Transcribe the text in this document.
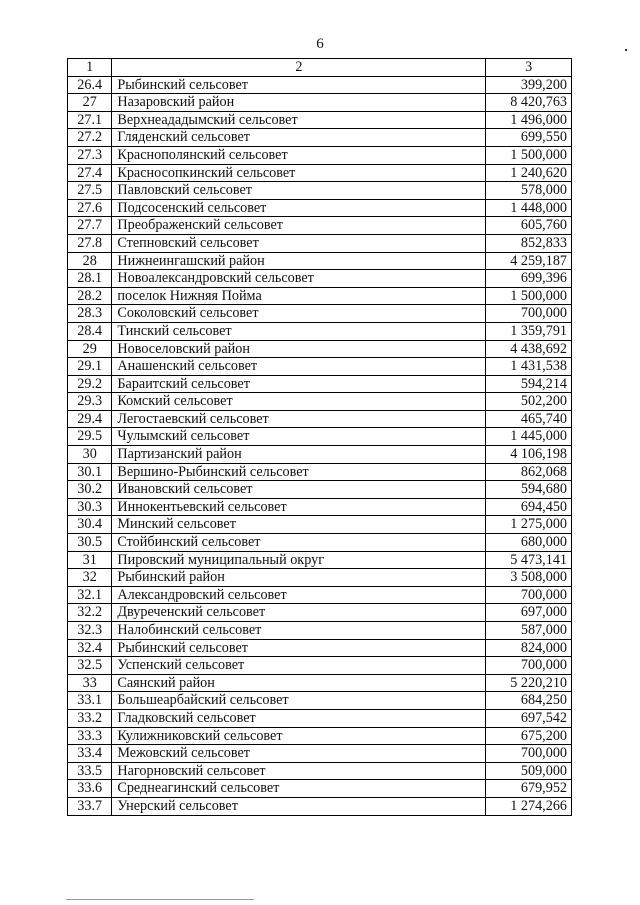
6
1	2	3
26.4	Рыбинский сельсовет	399,200
27	Назаровский район	8 420,763
27.1	Верхнеададымский сельсовет	1 496,000
27.2	Гляденский сельсовет	699,550
27.3	Краснополянский сельсовет	1 500,000
27.4	Красносопкинский сельсовет	1 240,620
27.5	Павловский сельсовет	578,000
27.6	Подсосенский сельсовет	1 448,000
27.7	Преображенский сельсовет	605,760
27.8	Степновский сельсовет	852,833
28	Нижнеингашский район	4 259,187
28.1	Новоалександровский сельсовет	699,396
28.2	поселок Нижняя Пойма	1 500,000
28.3	Соколовский сельсовет	700,000
28.4	Тинский сельсовет	1 359,791
29	Новоселовский район	4 438,692
29.1	Анашенский сельсовет	1 431,538
29.2	Бараитский сельсовет	594,214
29.3	Комский сельсовет	502,200
29.4	Легостаевский сельсовет	465,740
29.5	Чулымский сельсовет	1 445,000
30	Партизанский район	4 106,198
30.1	Вершино-Рыбинский сельсовет	862,068
30.2	Ивановский сельсовет	594,680
30.3	Иннокентьевский сельсовет	694,450
30.4	Минский сельсовет	1 275,000
30.5	Стойбинский сельсовет	680,000
31	Пировский муниципальный округ	5 473,141
32	Рыбинский район	3 508,000
32.1	Александровский сельсовет	700,000
32.2	Двуреченский сельсовет	697,000
32.3	Налобинский сельсовет	587,000
32.4	Рыбинский сельсовет	824,000
32.5	Успенский сельсовет	700,000
33	Саянский район	5 220,210
33.1	Большеарбайский сельсовет	684,250
33.2	Гладковский сельсовет	697,542
33.3	Кулижниковский сельсовет	675,200
33.4	Межовский сельсовет	700,000
33.5	Нагорновский сельсовет	509,000
33.6	Среднеагинский сельсовет	679,952
33.7	Унерский сельсовет	1 274,266
